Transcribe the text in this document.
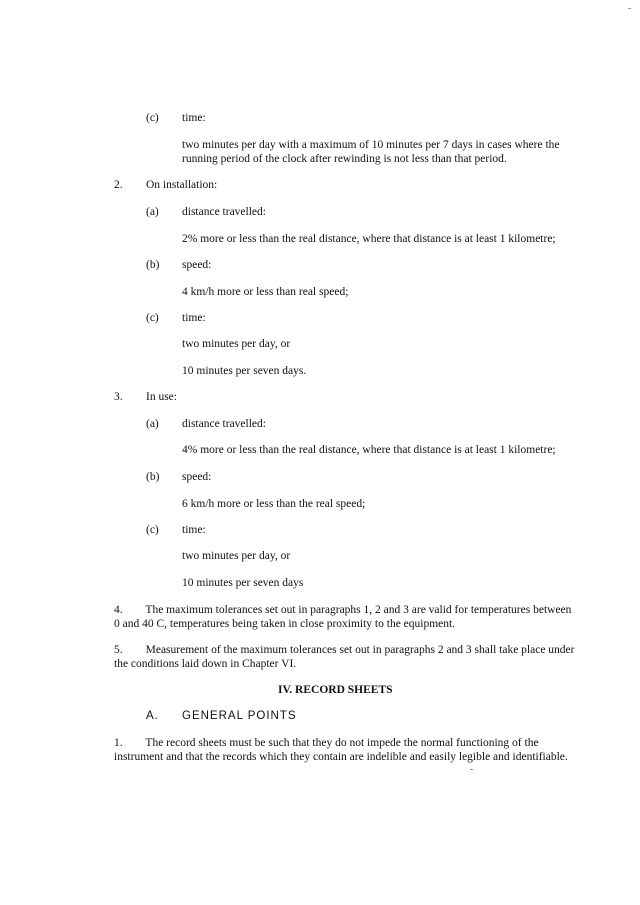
(c) time:
two minutes per day with a maximum of 10 minutes per 7 days in cases where the
running period of the clock after rewinding is not less than that period.
2. On installation:
(a) distance travelled:
2% more or less than the real distance, where that distance is at least 1 kilometre;
(b) speed:
4 km/h more or less than real speed;
(c) time:
two minutes per day, or
10 minutes per seven days.
3. In use:
(a) distance travelled:
4% more or less than the real distance, where that distance is at least 1 kilometre;
(b) speed:
6 km/h more or less than the real speed;
(c) time:
two minutes per day, or
10 minutes per seven days
4.        The maximum tolerances set out in paragraphs 1, 2 and 3 are valid for temperatures between
0 and 40 C, temperatures being taken in close proximity to the equipment.
5.        Measurement of the maximum tolerances set out in paragraphs 2 and 3 shall take place under
the conditions laid down in Chapter VI.
IV. RECORD SHEETS
A. GENERAL POINTS
1.        The record sheets must be such that they do not impede the normal functioning of the
instrument and that the records which they contain are indelible and easily legible and identifiable.
